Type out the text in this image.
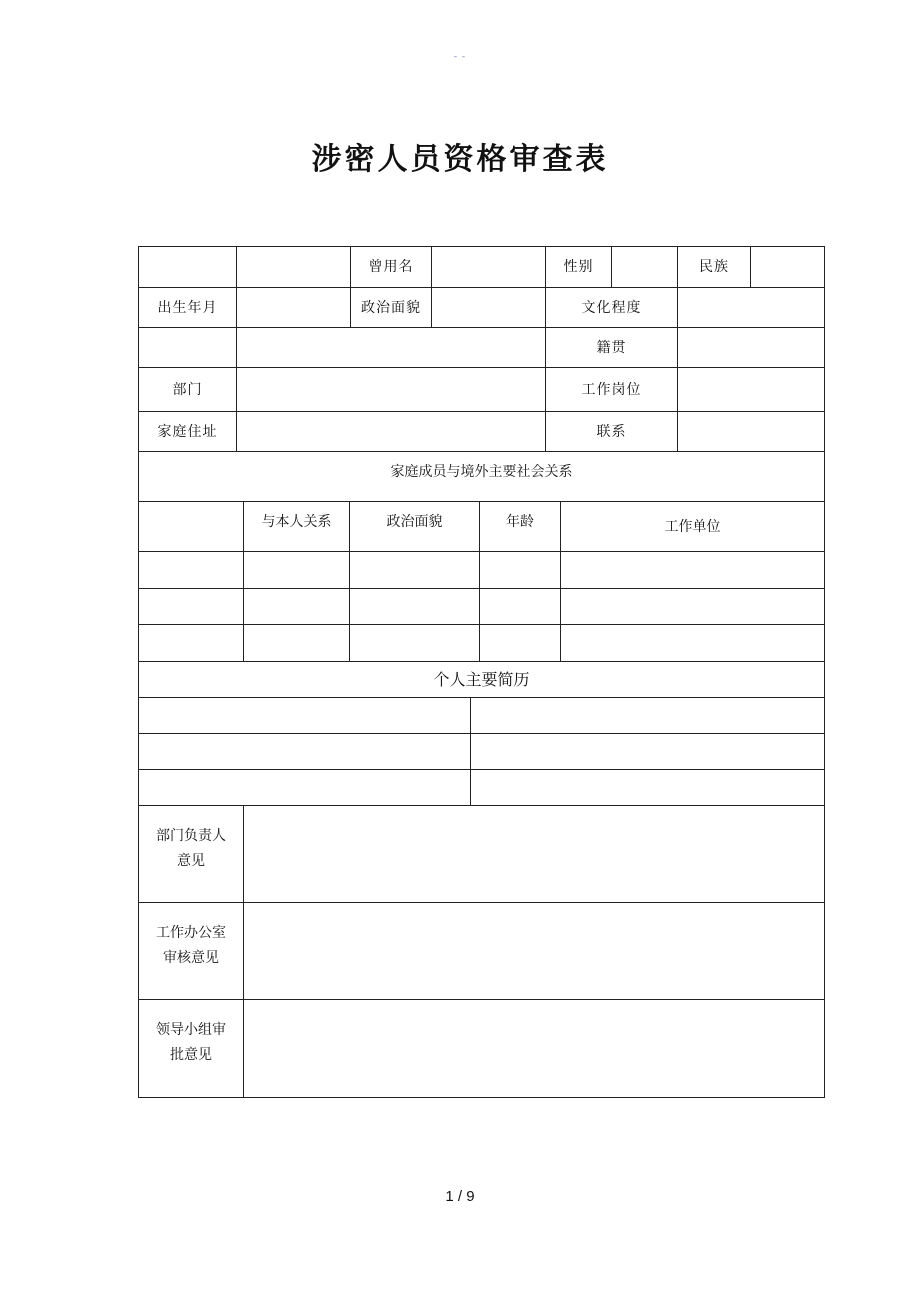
- -
涉密人员资格审查表
		曾用名		性别		民族	
出生年月		政治面貌		文化程度			
				籍贯			
部门				工作岗位			
家庭住址				联系			
家庭成员与境外主要社会关系				
	与本人关系	政治面貌	年龄	工作单位

个人主要简历	

部门负责人
意见	

工作办公室
审核意见	

领导小组审
批意见	

1 / 9
